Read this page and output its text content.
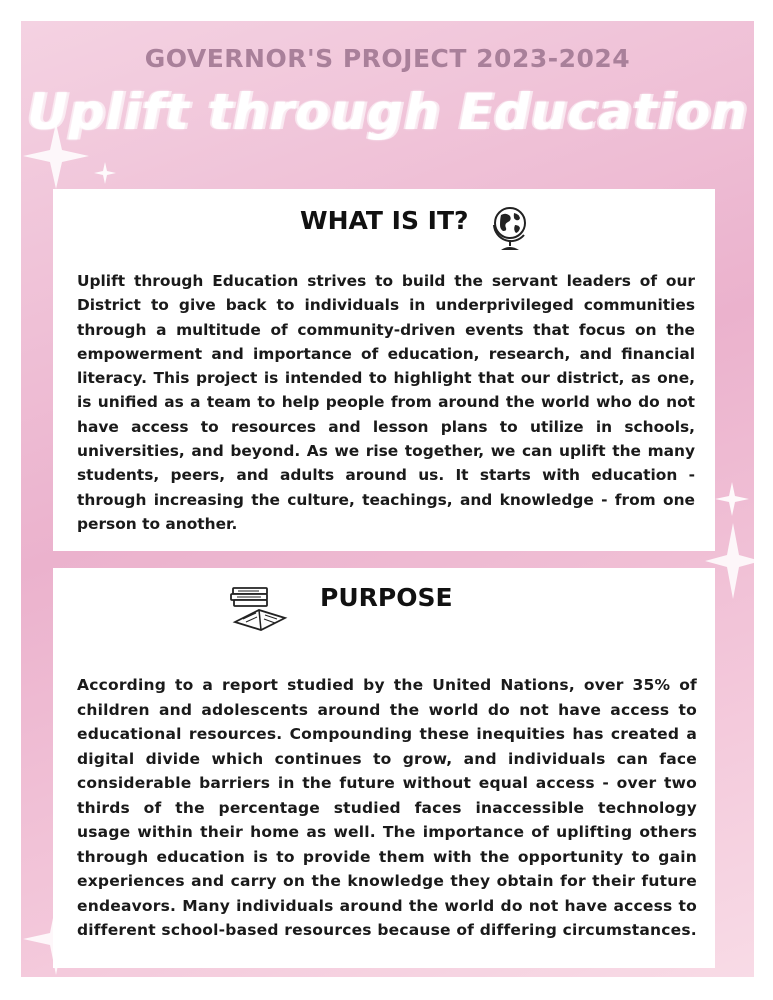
GOVERNOR'S PROJECT 2023-2024
Uplift through Education
WHAT IS IT?

Uplift through Education strives to build the servant leaders of our District to give back to individuals in underprivileged communities through a multitude of community-driven events that focus on the empowerment and importance of education, research, and financial literacy. This project is intended to highlight that our district, as one, is unified as a team to help people from around the world who do not have access to resources and lesson plans to utilize in schools, universities, and beyond. As we rise together, we can uplift the many students, peers, and adults around us. It starts with education - through increasing the culture, teachings, and knowledge - from one person to another.

PURPOSE

According to a report studied by the United Nations, over 35% of children and adolescents around the world do not have access to educational resources. Compounding these inequities has created a digital divide which continues to grow, and individuals can face considerable barriers in the future without equal access - over two thirds of the percentage studied faces inaccessible technology usage within their home as well. The importance of uplifting others through education is to provide them with the opportunity to gain experiences and carry on the knowledge they obtain for their future endeavors. Many individuals around the world do not have access to different school-based resources because of differing circumstances.
